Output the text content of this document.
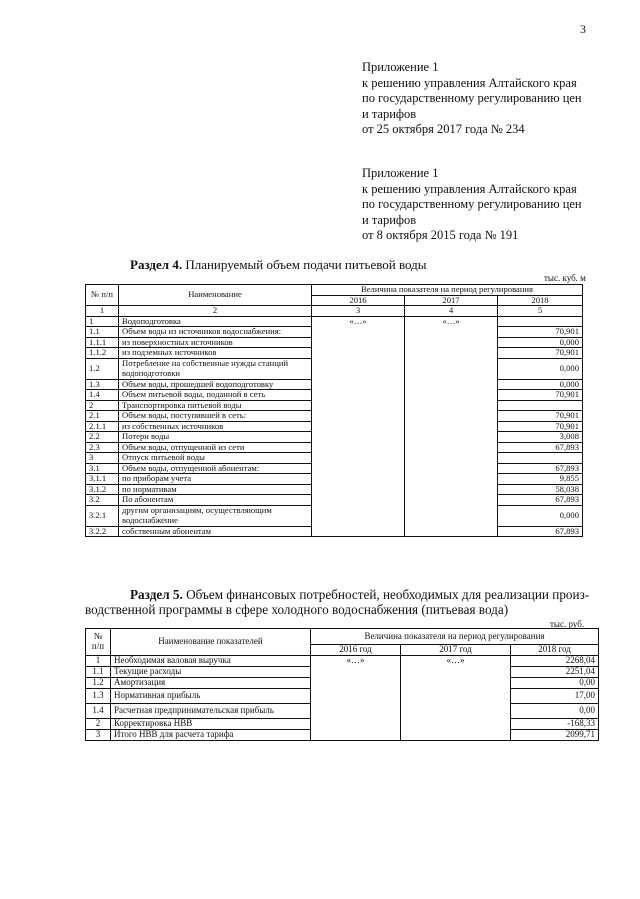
3
Приложение 1
к решению управления Алтайского края
по государственному регулированию цен
и тарифов
от 25 октября 2017 года № 234
Приложение 1
к решению управления Алтайского края
по государственному регулированию цен
и тарифов
от 8 октября 2015 года № 191
Раздел 4. Планируемый объем подачи питьевой воды
тыс. куб. м
№ п/п	Наименование	Величина показателя на период регулирования		
		2016	2017	2018
1	2	3	4	5
1	Водоподготовка	«…»	«…»	
1.1	Объем воды из источников водоснабжения:			70,901
1.1.1	из поверхностных источников			0,000
1.1.2	из подземных источников			70,901
1.2	Потребление на собственные нужды станций водоподготовки			0,000
1.3	Объем воды, прошедшей водоподготовку			0,000
1.4	Объем питьевой воды, поданной в сеть			70,901
2	Транспортировка питьевой воды			
2.1	Объем воды, поступившей в сеть:			70,901
2.1.1	из собственных источников			70,901
2.2	Потери воды			3,008
2.3	Объем воды, отпущенной из сети			67,893
3	Отпуск питьевой воды			
3.1	Объем воды, отпущенной абонентам:			67,893
3.1.1	по приборам учета			9,855
3.1.2	по нормативам			58,038
3.2	По абонентам			67,893
3.2.1	другим организациям, осуществляющим водоснабжение			0,000
3.2.2	собственным абонентам			67,893
Раздел 5. Объем финансовых потребностей, необходимых для реализации произ-
водственной программы в сфере холодного водоснабжения (питьевая вода)
тыс. руб.
№ п/п	Наименование показателей	Величина показателя на период регулирования		
		2016 год	2017 год	2018 год
1	Необходимая валовая выручка	«…»	«…»	2268,04
1.1	Текущие расходы			2251,04
1.2	Амортизация			0,00
1.3	Нормативная прибыль			17,00
1.4	Расчетная предпринимательская прибыль			0,00
2	Корректировка НВВ			-168,33
3	Итого НВВ для расчета тарифа			2099,71
